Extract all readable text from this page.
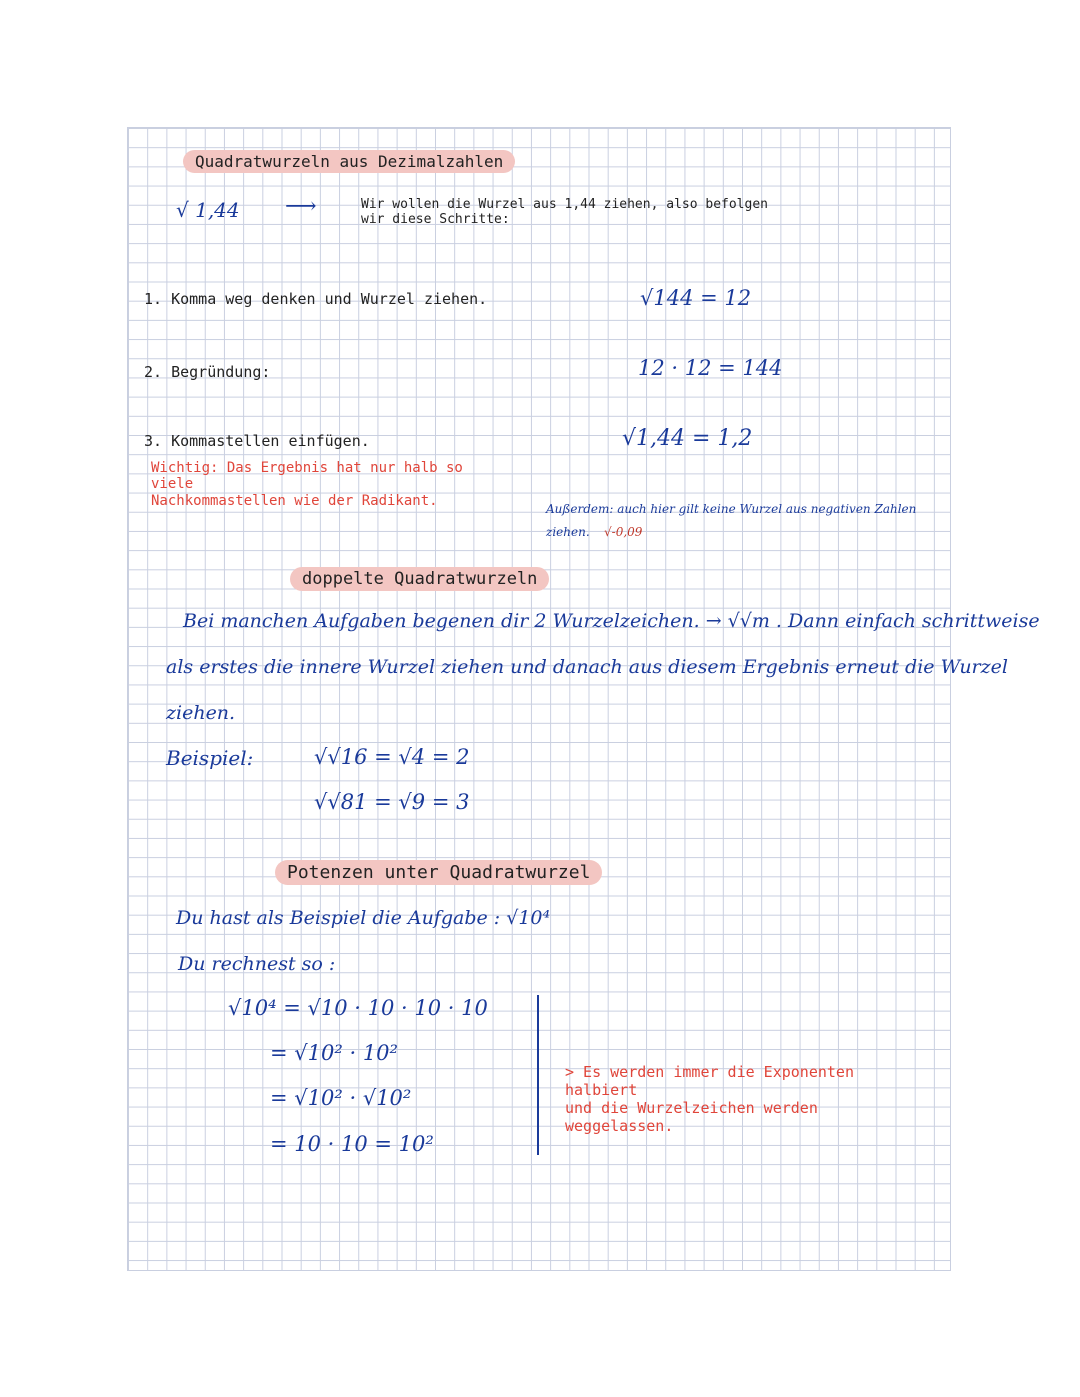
Quadratwurzeln aus Dezimalzahlen
√ 1,44 ⟶	Wir wollen die Wurzel aus 1,44 ziehen, also befolgen
wir diese Schritte:
1. Komma weg denken und Wurzel ziehen.	√144 = 12
2. Begründung:	12 · 12 = 144
3. Kommastellen einfügen.	√1,44 = 1,2
Wichtig: Das Ergebnis hat nur halb so
viele
Nachkommastellen wie der Radikant.	Außerdem: auch hier gilt keine Wurzel aus negativen Zahlen
ziehen. √-0,09
doppelte Quadratwurzeln
Bei manchen Aufgaben begenen dir 2 Wurzelzeichen. → √√m . Dann einfach schrittweise
als erstes die innere Wurzel ziehen und danach aus diesem Ergebnis erneut die Wurzel
ziehen.
Beispiel:	√√16 = √4 = 2
√√81 = √9 = 3
Potenzen unter Quadratwurzel
Du hast als Beispiel die Aufgabe : √10⁴
Du rechnest so :
√10⁴ = √10 · 10 · 10 · 10
= √10² · 10²
= √10² · √10²
= 10 · 10 = 10²
> Es werden immer die Exponenten
halbiert
und die Wurzelzeichen werden
weggelassen.
